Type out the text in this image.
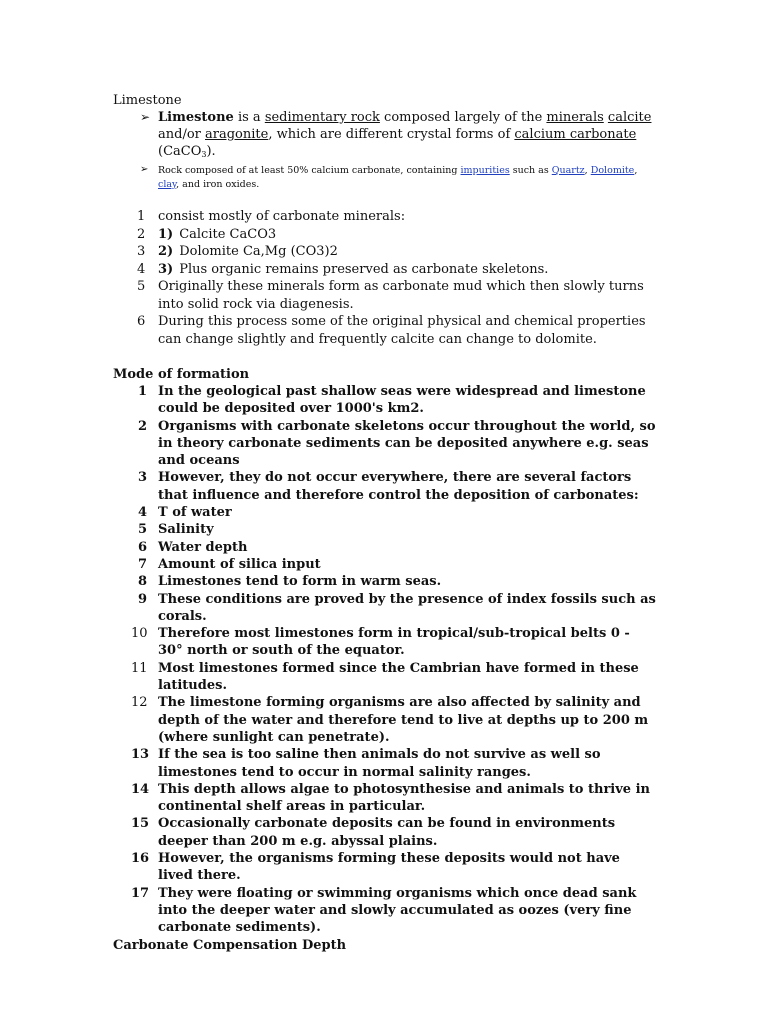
Limestone

➢ Limestone is a sedimentary rock composed largely of the minerals calcite and/or aragonite, which are different crystal forms of calcium carbonate (CaCO$_3$).
➢ Rock composed of at least 50% calcium carbonate, containing impurities such as Quartz, Dolomite, clay, and iron oxides.
1 consist mostly of carbonate minerals:
2 1) Calcite CaCO3
3 2) Dolomite Ca,Mg (CO3)2
4 3) Plus organic remains preserved as carbonate skeletons.
5 Originally these minerals form as carbonate mud which then slowly turns into solid rock via diagenesis.
6 During this process some of the original physical and chemical properties can change slightly and frequently calcite can change to dolomite.
Mode of formation
1 In the geological past shallow seas were widespread and limestone could be deposited over 1000's km2.
2 Organisms with carbonate skeletons occur throughout the world, so in theory carbonate sediments can be deposited anywhere e.g. seas and oceans
3 However, they do not occur everywhere, there are several factors that influence and therefore control the deposition of carbonates:
4 T of water
5 Salinity
6 Water depth
7 Amount of silica input
8 Limestones tend to form in warm seas.
9 These conditions are proved by the presence of index fossils such as corals.
10 Therefore most limestones form in tropical/sub-tropical belts 0 - 30° north or south of the equator.
11 Most limestones formed since the Cambrian have formed in these latitudes.
12 The limestone forming organisms are also affected by salinity and depth of the water and therefore tend to live at depths up to 200 m (where sunlight can penetrate).
13 If the sea is too saline then animals do not survive as well so limestones tend to occur in normal salinity ranges.
14 This depth allows algae to photosynthesise and animals to thrive in continental shelf areas in particular.
15 Occasionally carbonate deposits can be found in environments deeper than 200 m e.g. abyssal plains.
16 However, the organisms forming these deposits would not have lived there.
17 They were floating or swimming organisms which once dead sank into the deeper water and slowly accumulated as oozes (very fine carbonate sediments).
Carbonate Compensation Depth
